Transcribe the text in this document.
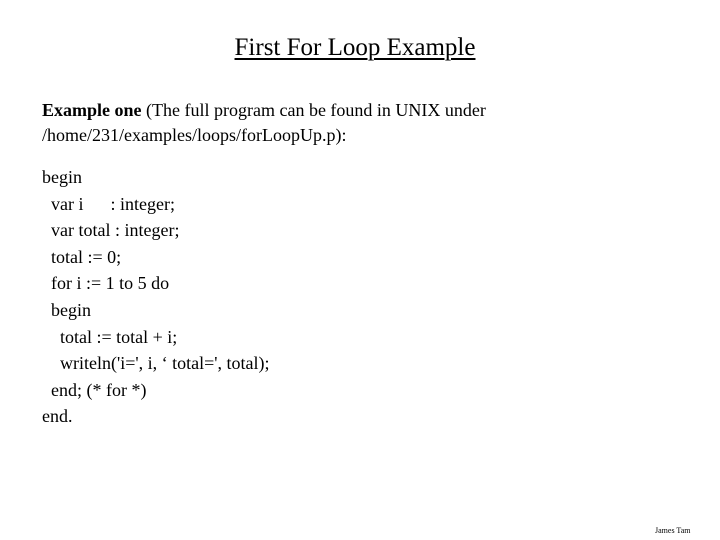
First For Loop Example
Example one (The full program can be found in UNIX under
/home/231/examples/loops/forLoopUp.p):
begin
var i      : integer;
var total : integer;
total := 0;
for i := 1 to 5 do
begin
total := total + i;
writeln('i=', i, ‘ total=', total);
end; (* for *)
end.
James Tam
